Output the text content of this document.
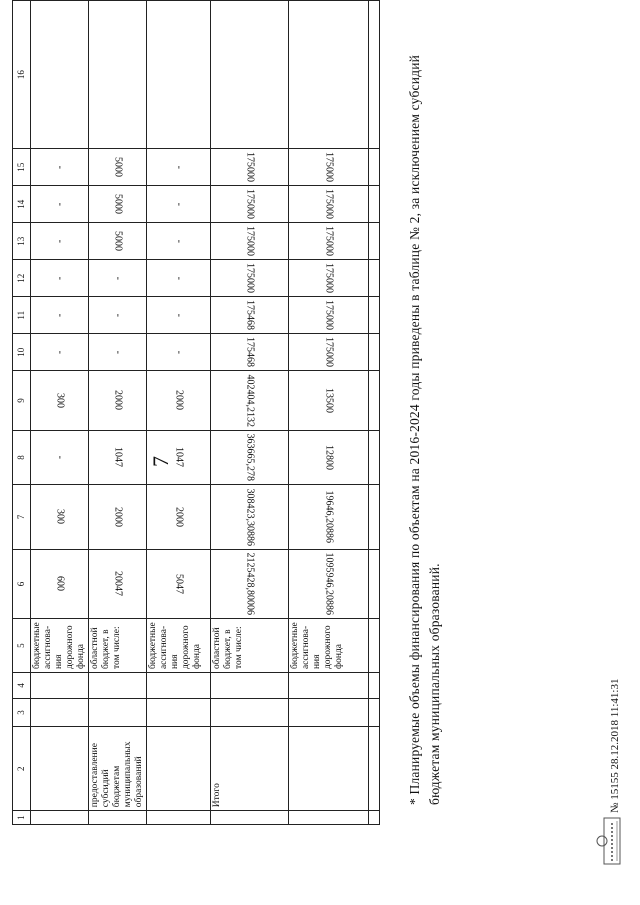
7
1	2	3	4	5	6	7	8	9	10	11	12	13	14	15	16
				бюджетные ассигнова-ния дорожного фонда	600	300	-	300	-	-	-	-	-	-	
	предоставление субсидий бюджетам муниципальных образований			областной бюджет, в том числе:	20047	2000	1047	2000	-	-	-	5000	5000	5000	
				бюджетные ассигнова-ния дорожного фонда	5047	2000	1047	2000	-	-	-	-	-	-	
	Итого			областной бюджет, в том числе:	2125428,80006	308423,30886	363665,278	402404,2132	175468	175468	175000	175000	175000	175000	
				бюджетные ассигнова-ния дорожного фонда	1095946,20886	19646,20886	12800	13500	175000	175000	175000	175000	175000	175000	
																* Планируемые объемы финансирования по объектам на 2016-2024 годы приведены в таблице № 2, за исключением субсидий бюджетам муниципальных образований.	№ 15155 28.12.2018 11:41:31
